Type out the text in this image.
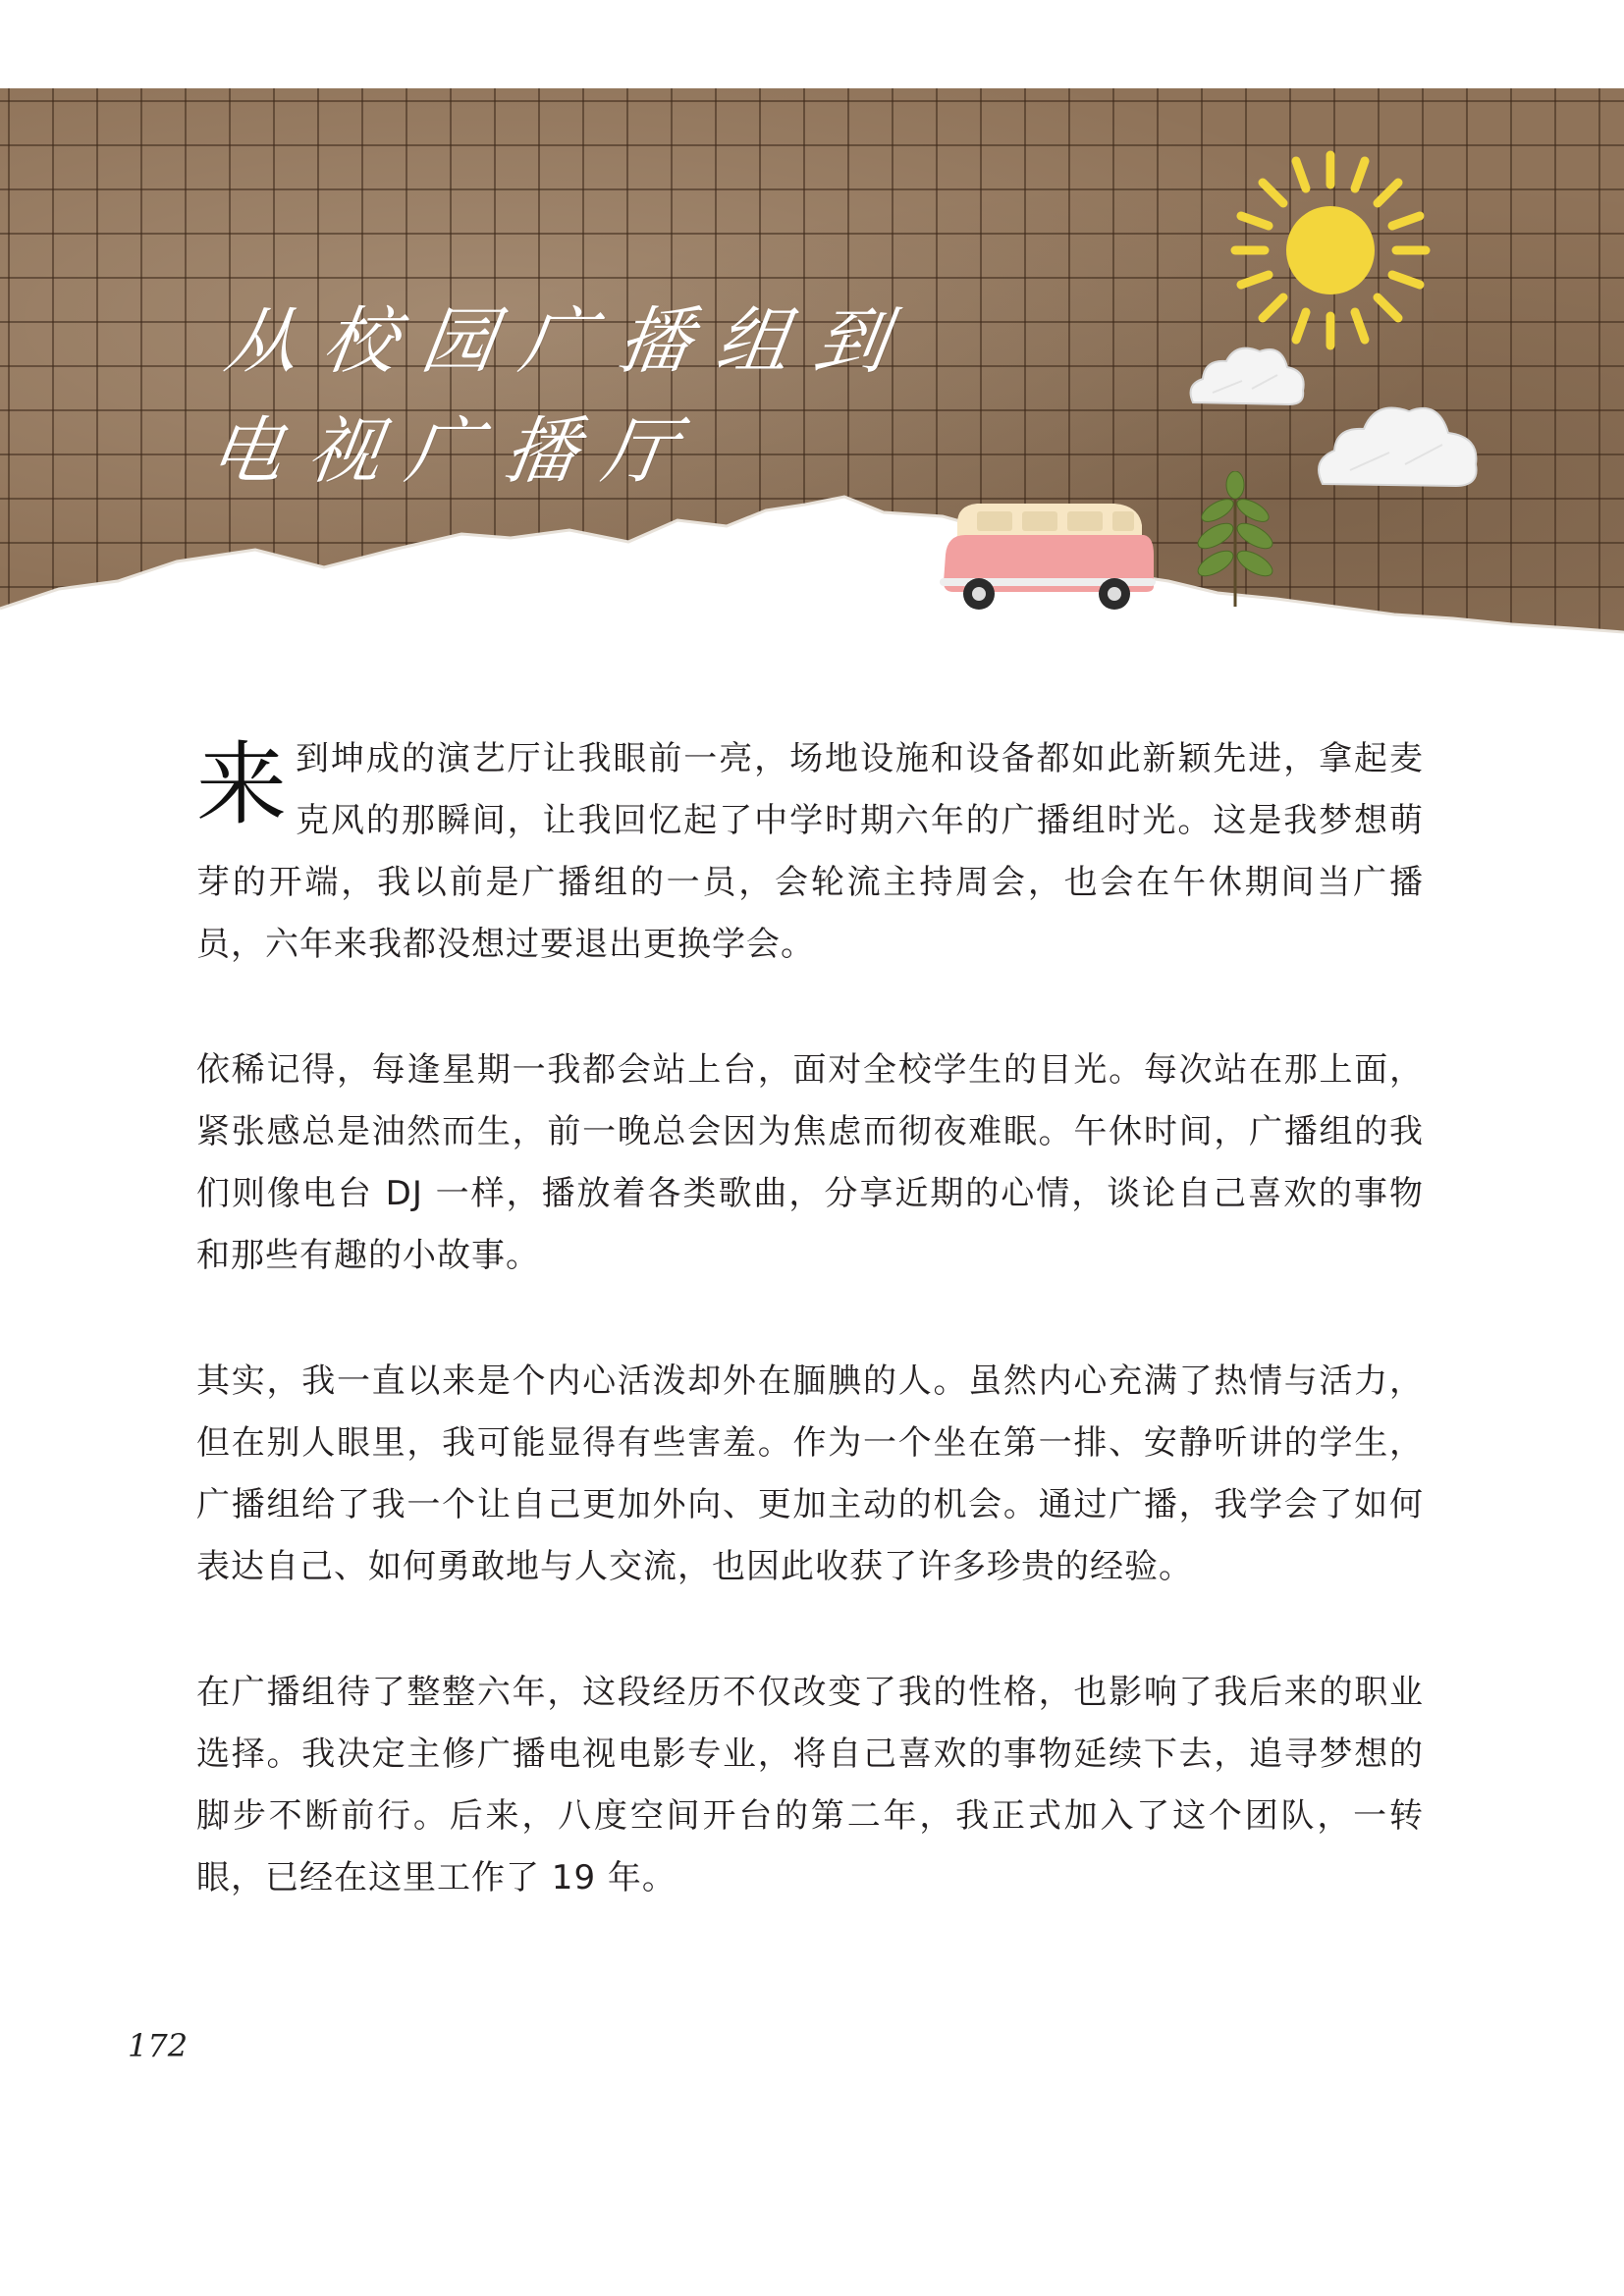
从校园广播组到
电视广播厅

来到坤成的演艺厅让我眼前一亮，场地设施和设备都如此新颖先进，拿起麦克风的那瞬间，让我回忆起了中学时期六年的广播组时光。这是我梦想萌芽的开端，我以前是广播组的一员，会轮流主持周会，也会在午休期间当广播员，六年来我都没想过要退出更换学会。

依稀记得，每逢星期一我都会站上台，面对全校学生的目光。每次站在那上面，紧张感总是油然而生，前一晚总会因为焦虑而彻夜难眠。午休时间，广播组的我们则像电台 DJ 一样，播放着各类歌曲，分享近期的心情，谈论自己喜欢的事物和那些有趣的小故事。

其实，我一直以来是个内心活泼却外在腼腆的人。虽然内心充满了热情与活力，但在别人眼里，我可能显得有些害羞。作为一个坐在第一排、安静听讲的学生，广播组给了我一个让自己更加外向、更加主动的机会。通过广播，我学会了如何表达自己、如何勇敢地与人交流，也因此收获了许多珍贵的经验。

在广播组待了整整六年，这段经历不仅改变了我的性格，也影响了我后来的职业选择。我决定主修广播电视电影专业，将自己喜欢的事物延续下去，追寻梦想的脚步不断前行。后来，八度空间开台的第二年，我正式加入了这个团队，一转眼，已经在这里工作了 19 年。

172
